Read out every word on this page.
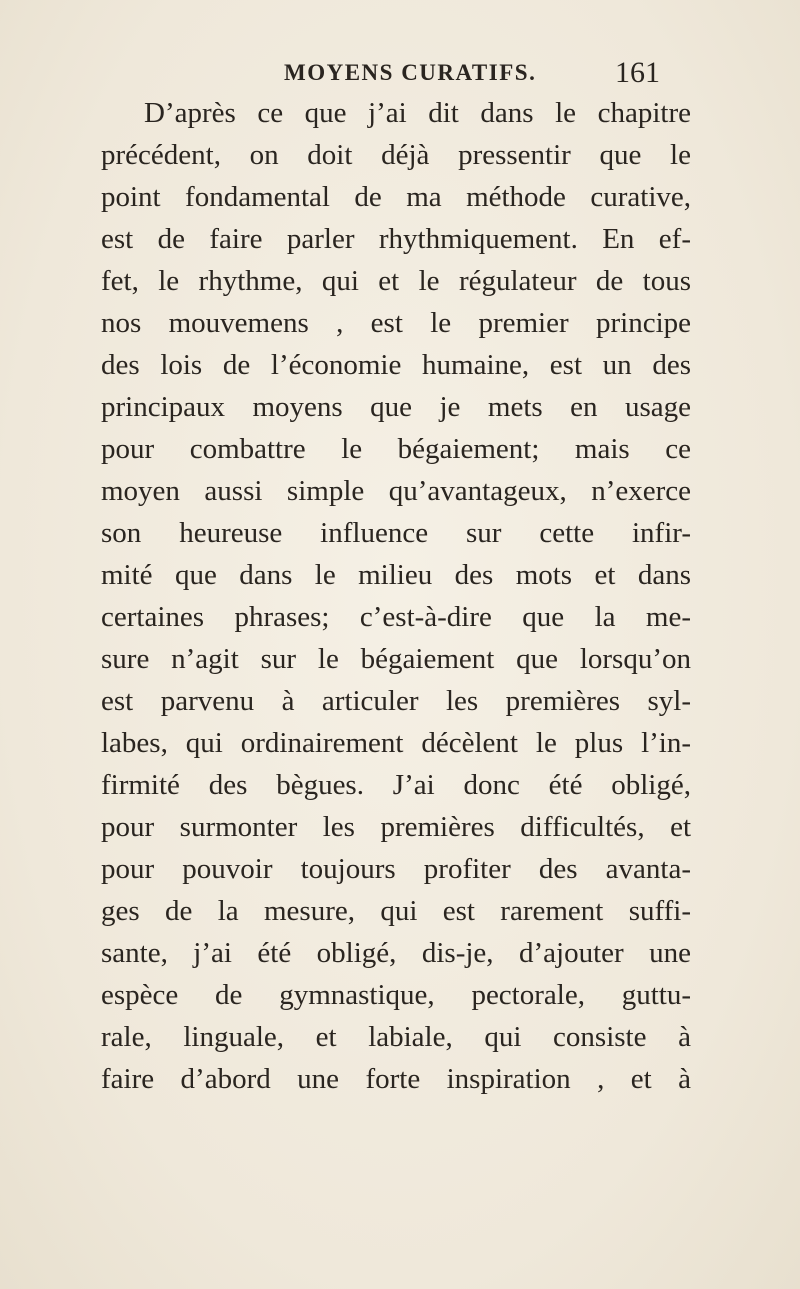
MOYENS CURATIFS.	161
D’après ce que j’ai dit dans le chapitre
précédent, on doit déjà pressentir que le
point fondamental de ma méthode curative,
est de faire parler rhythmiquement. En ef-
fet, le rhythme, qui et le régulateur de tous
nos mouvemens , est le premier principe
des lois de l’économie humaine, est un des
principaux moyens que je mets en usage
pour combattre le bégaiement; mais ce
moyen aussi simple qu’avantageux, n’exerce
son heureuse influence sur cette infir-
mité que dans le milieu des mots et dans
certaines phrases; c’est-à-dire que la me-
sure n’agit sur le bégaiement que lorsqu’on
est parvenu à articuler les premières syl-
labes, qui ordinairement décèlent le plus l’in-
firmité des bègues. J’ai donc été obligé,
pour surmonter les premières difficultés, et
pour pouvoir toujours profiter des avanta-
ges de la mesure, qui est rarement suffi-
sante, j’ai été obligé, dis-je, d’ajouter une
espèce de gymnastique, pectorale, guttu-
rale, linguale, et labiale, qui consiste à
faire d’abord une forte inspiration , et à
